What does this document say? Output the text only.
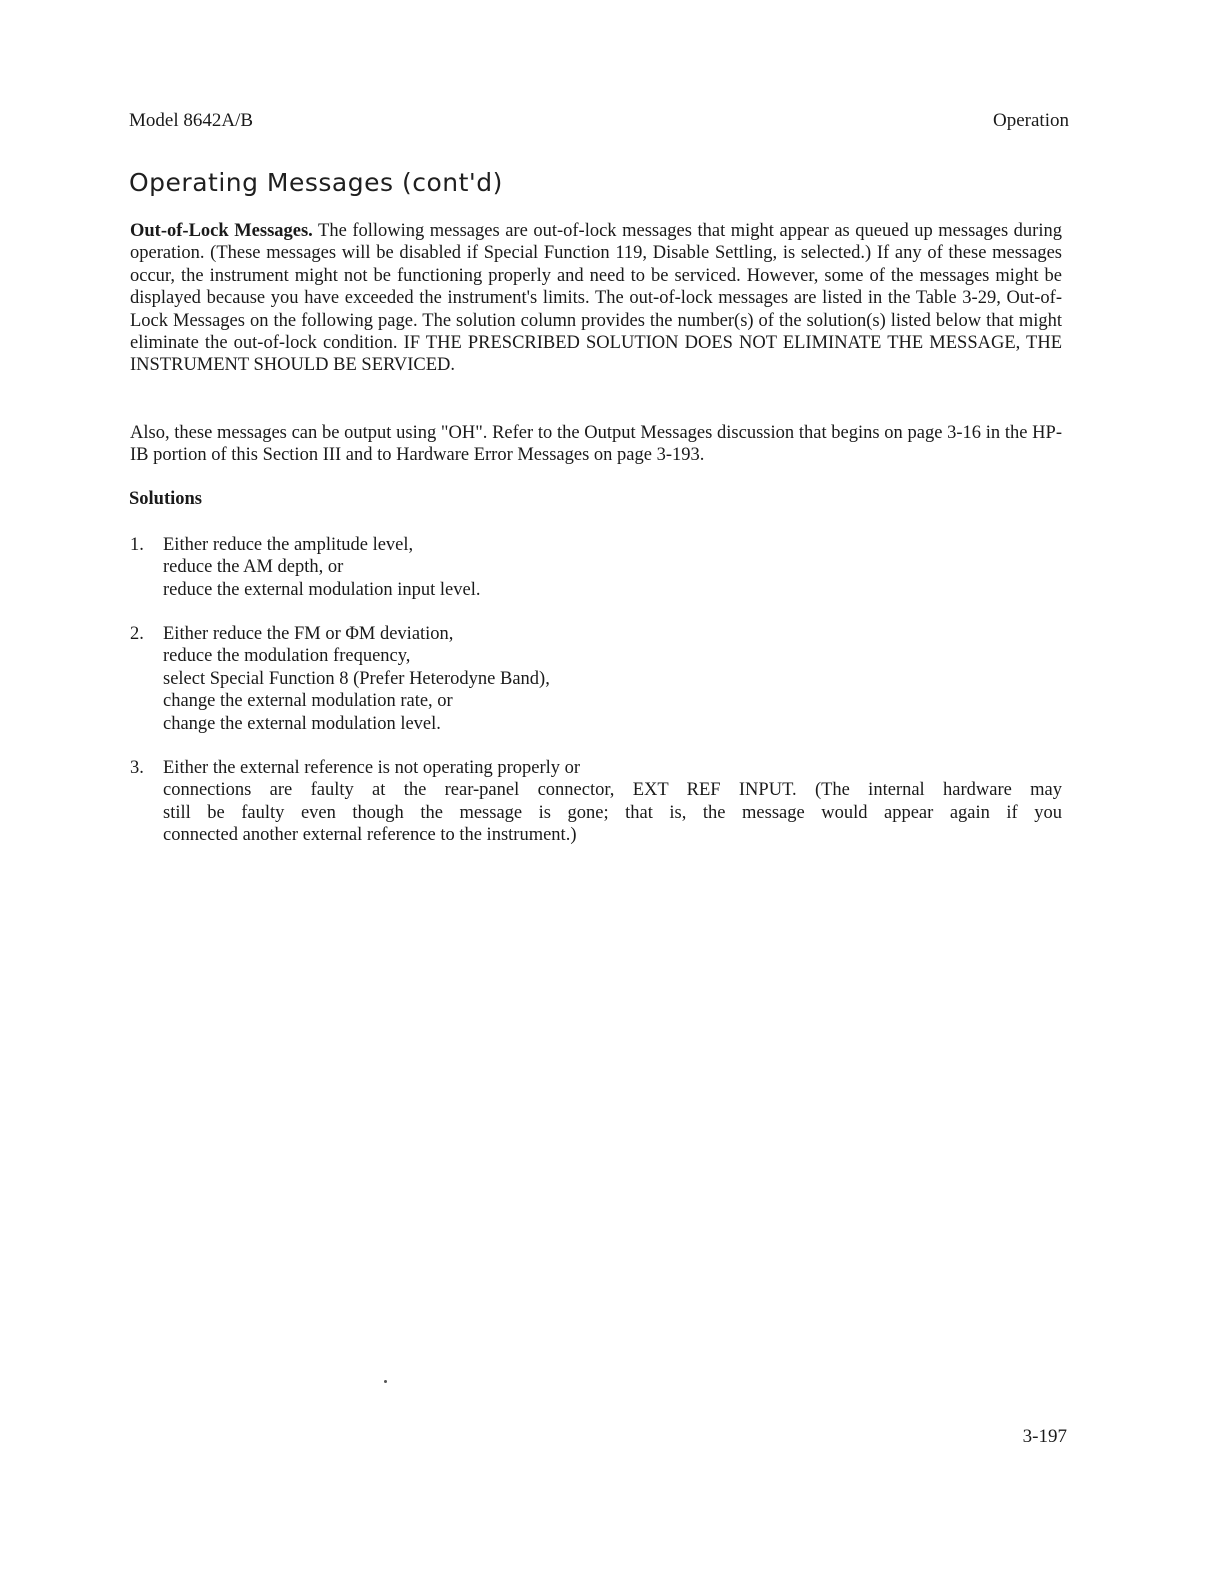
Model 8642A/B	Operation
Operating Messages (cont'd)

Out-of-Lock Messages. The following messages are out-of-lock messages that might appear as queued up messages during operation. (These messages will be disabled if Special Function 119, Disable Settling, is selected.) If any of these messages occur, the instrument might not be functioning properly and need to be serviced. However, some of the messages might be displayed because you have exceeded the instrument's limits. The out-of-lock messages are listed in the Table 3-29, Out-of-Lock Messages on the following page. The solution column provides the number(s) of the solution(s) listed below that might eliminate the out-of-lock condition. IF THE PRESCRIBED SOLUTION DOES NOT ELIMINATE THE MESSAGE, THE INSTRUMENT SHOULD BE SERVICED.

Also, these messages can be output using "OH". Refer to the Output Messages discussion that begins on page 3-16 in the HP-IB portion of this Section III and to Hardware Error Messages on page 3-193.

Solutions
1.	Either reduce the amplitude level,
reduce the AM depth, or
reduce the external modulation input level.
2.	Either reduce the FM or ΦM deviation,
reduce the modulation frequency,
select Special Function 8 (Prefer Heterodyne Band),
change the external modulation rate, or
change the external modulation level.
3.	Either the external reference is not operating properly or
connections are faulty at the rear-panel connector, EXT REF INPUT. (The internal hardware may
still be faulty even though the message is gone; that is, the message would appear again if you
connected another external reference to the instrument.)
3-197
